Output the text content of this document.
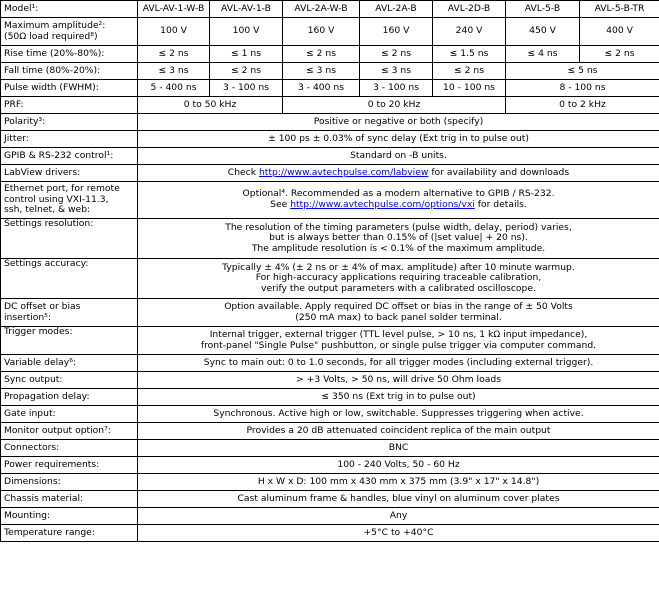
Model¹:	AVL-AV-1-W-B	AVL-AV-1-B	AVL-2A-W-B	AVL-2A-B	AVL-2D-B	AVL-5-B	AVL-5-B-TR

Maximum amplitude²:
(50Ω load required⁸)	100 V	100 V	160 V	160 V	240 V	450 V	400 V
Rise time (20%-80%):	≤ 2 ns	≤ 1 ns	≤ 2 ns	≤ 2 ns	≤ 1.5 ns	≤ 4 ns	≤ 2 ns
Fall time (80%-20%):	≤ 3 ns	≤ 2 ns	≤ 3 ns	≤ 3 ns	≤ 2 ns	≤ 5 ns	
Pulse width (FWHM):	5 - 400 ns	3 - 100 ns	3 - 400 ns	3 - 100 ns	10 - 100 ns	8 - 100 ns	
PRF:	0 to 50 kHz		0 to 20 kHz			0 to 2 kHz	
Polarity³:	Positive or negative or both (specify)						
Jitter:	± 100 ps ± 0.03% of sync delay (Ext trig in to pulse out)						
GPIB & RS-232 control¹:	Standard on -B units.						
LabView drivers:	Check http://www.avtechpulse.com/labview for availability and downloads						

Ethernet port, for remote
control using VXI-11.3,
ssh, telnet, & web:	Optional⁴. Recommended as a modern alternative to GPIB / RS-232.
See http://www.avtechpulse.com/options/vxi for details.						

Settings resolution:	The resolution of the timing parameters (pulse width, delay, period) varies,
but is always better than 0.15% of (|set value| + 20 ns).
The amplitude resolution is < 0.1% of the maximum amplitude.						

Settings accuracy:	Typically ± 4% (± 2 ns or ± 4% of max. amplitude) after 10 minute warmup.
For high-accuracy applications requiring traceable calibration,
verify the output parameters with a calibrated oscilloscope.						

DC offset or bias
insertion⁵:	Option available. Apply required DC offset or bias in the range of ± 50 Volts
(250 mA max) to back panel solder terminal.						

Trigger modes:	Internal trigger, external trigger (TTL level pulse, > 10 ns, 1 kΩ input impedance),
front-panel "Single Pulse" pushbutton, or single pulse trigger via computer command.						

Variable delay⁶:	Sync to main out: 0 to 1.0 seconds, for all trigger modes (including external trigger).						
Sync output:	> +3 Volts, > 50 ns, will drive 50 Ohm loads						
Propagation delay:	≤ 350 ns (Ext trig in to pulse out)						
Gate input:	Synchronous. Active high or low, switchable. Suppresses triggering when active.						
Monitor output option⁷:	Provides a 20 dB attenuated coincident replica of the main output						
Connectors:	BNC						
Power requirements:	100 - 240 Volts, 50 - 60 Hz						
Dimensions:	H x W x D: 100 mm x 430 mm x 375 mm (3.9" x 17" x 14.8")						
Chassis material:	Cast aluminum frame & handles, blue vinyl on aluminum cover plates						
Mounting:	Any						
Temperature range:	+5°C to +40°C						
